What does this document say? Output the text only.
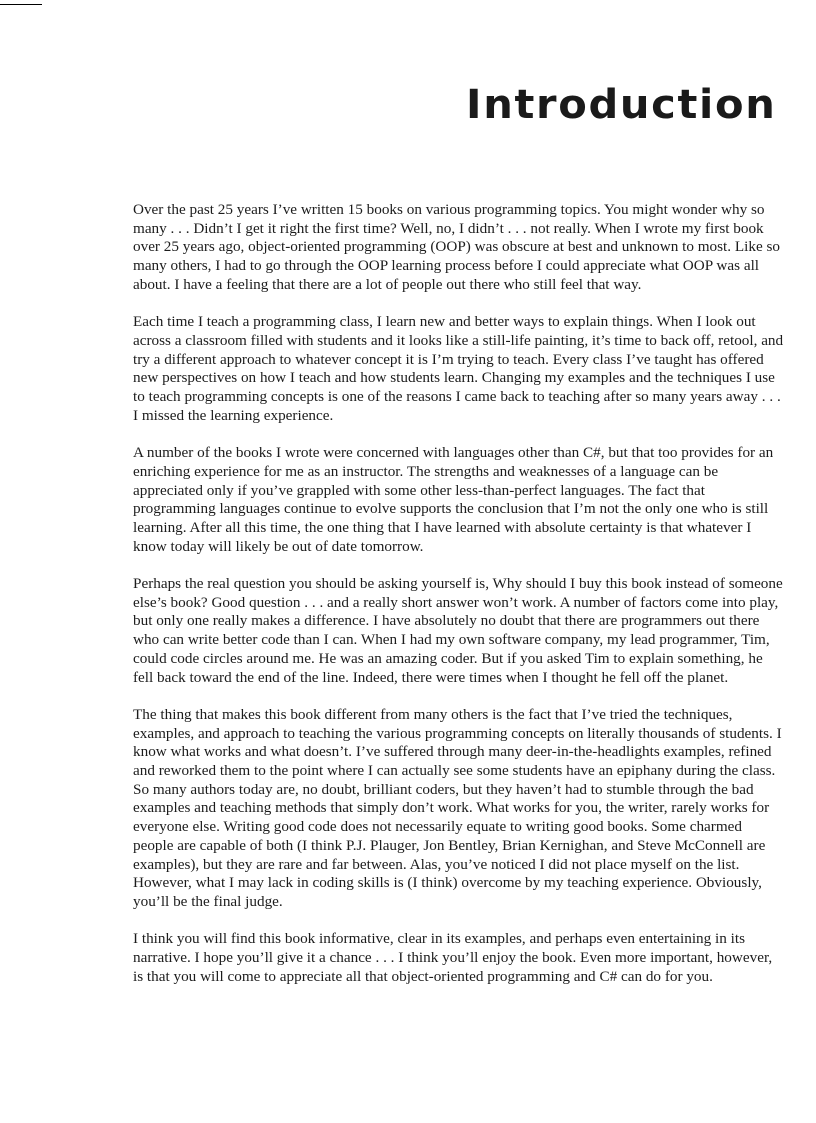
Introduction

Over the past 25 years I’ve written 15 books on various programming topics. You might wonder why so many . . . Didn’t I get it right the first time? Well, no, I didn’t . . . not really. When I wrote my first book over 25 years ago, object-oriented programming (OOP) was obscure at best and unknown to most. Like so many others, I had to go through the OOP learning process before I could appreciate what OOP was all about. I have a feeling that there are a lot of people out there who still feel that way.

Each time I teach a programming class, I learn new and better ways to explain things. When I look out across a classroom filled with students and it looks like a still-life painting, it’s time to back off, retool, and try a different approach to whatever concept it is I’m trying to teach. Every class I’ve taught has offered new perspectives on how I teach and how students learn. Changing my examples and the techniques I use to teach programming concepts is one of the reasons I came back to teaching after so many years away . . . I missed the learning experience.

A number of the books I wrote were concerned with languages other than C#, but that too provides for an enriching experience for me as an instructor. The strengths and weaknesses of a language can be appreciated only if you’ve grappled with some other less-than-perfect languages. The fact that programming languages continue to evolve supports the conclusion that I’m not the only one who is still learning. After all this time, the one thing that I have learned with absolute certainty is that whatever I know today will likely be out of date tomorrow.

Perhaps the real question you should be asking yourself is, Why should I buy this book instead of someone else’s book? Good question . . . and a really short answer won’t work. A number of factors come into play, but only one really makes a difference. I have absolutely no doubt that there are programmers out there who can write better code than I can. When I had my own software company, my lead programmer, Tim, could code circles around me. He was an amazing coder. But if you asked Tim to explain something, he fell back toward the end of the line. Indeed, there were times when I thought he fell off the planet.

The thing that makes this book different from many others is the fact that I’ve tried the techniques, examples, and approach to teaching the various programming concepts on literally thousands of students. I know what works and what doesn’t. I’ve suffered through many deer-in-the-headlights examples, refined and reworked them to the point where I can actually see some students have an epiphany during the class. So many authors today are, no doubt, brilliant coders, but they haven’t had to stumble through the bad examples and teaching methods that simply don’t work. What works for you, the writer, rarely works for everyone else. Writing good code does not necessarily equate to writing good books. Some charmed people are capable of both (I think P.J. Plauger, Jon Bentley, Brian Kernighan, and Steve McConnell are examples), but they are rare and far between. Alas, you’ve noticed I did not place myself on the list. However, what I may lack in coding skills is (I think) overcome by my teaching experience. Obviously, you’ll be the final judge.

I think you will find this book informative, clear in its examples, and perhaps even entertaining in its narrative. I hope you’ll give it a chance . . . I think you’ll enjoy the book. Even more important, however, is that you will come to appreciate all that object-oriented programming and C# can do for you.
